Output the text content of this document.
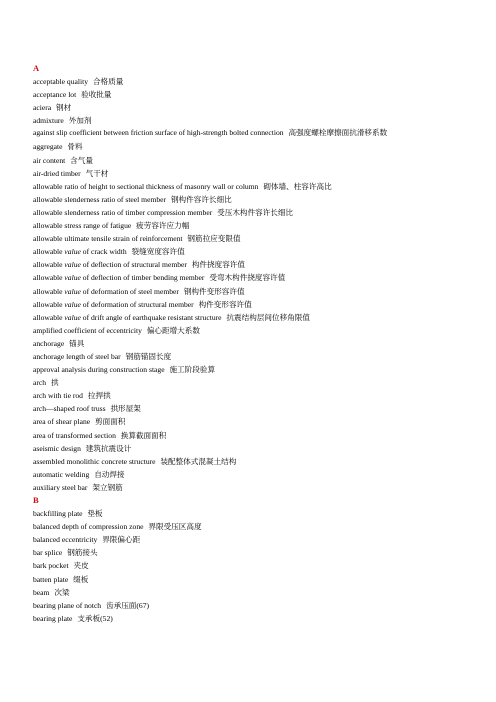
A
acceptable quality 合格质量
acceptance lot 验收批量
aciera 钢材
admixture 外加剂
against slip coefficient between friction surface of high-strength bolted connection 高强度螺栓摩擦面抗滑移系数
aggregate 骨料
air content 含气量
air-dried timber 气干材
allowable ratio of height to sectional thickness of masonry wall or column 砌体墙、柱容许高比
allowable slenderness ratio of steel member 钢构件容许长细比
allowable slenderness ratio of timber compression member 受压木构件容许长细比
allowable stress range of fatigue 疲劳容许应力幅
allowable ultimate tensile strain of reinforcement 钢筋拉应变限值
allowable value of crack width 裂缝宽度容许值
allowable value of deflection of structural member 构件挠度容许值
allowable value of deflection of timber bending member 受弯木构件挠度容许值
allowable value of deformation of steel member 钢构件变形容许值
allowable value of deformation of structural member 构件变形容许值
allowable value of drift angle of earthquake resistant structure 抗震结构层间位移角限值
amplified coefficient of eccentricity 偏心距增大系数
anchorage 锚具
anchorage length of steel bar 钢筋锚固长度
approval analysis during construction stage 施工阶段验算
arch 拱
arch with tie rod 拉捍拱
arch—shaped roof truss 拱形屋架
area of shear plane 剪面面积
area of transformed section 换算截面面积
aseismic design 建筑抗震设计
assembled monolithic concrete structure 装配整体式混凝土结构
automatic welding 自动焊接
auxiliary steel bar 架立钢筋
B
backfilling plate 垫板
balanced depth of compression zone 界限受压区高度
balanced eccentricity 界限偏心距
bar splice 钢筋接头
bark pocket 夹皮
batten plate 缀板
beam 次梁
bearing plane of notch 齿承压面(67)
bearing plate 支承板(52)
